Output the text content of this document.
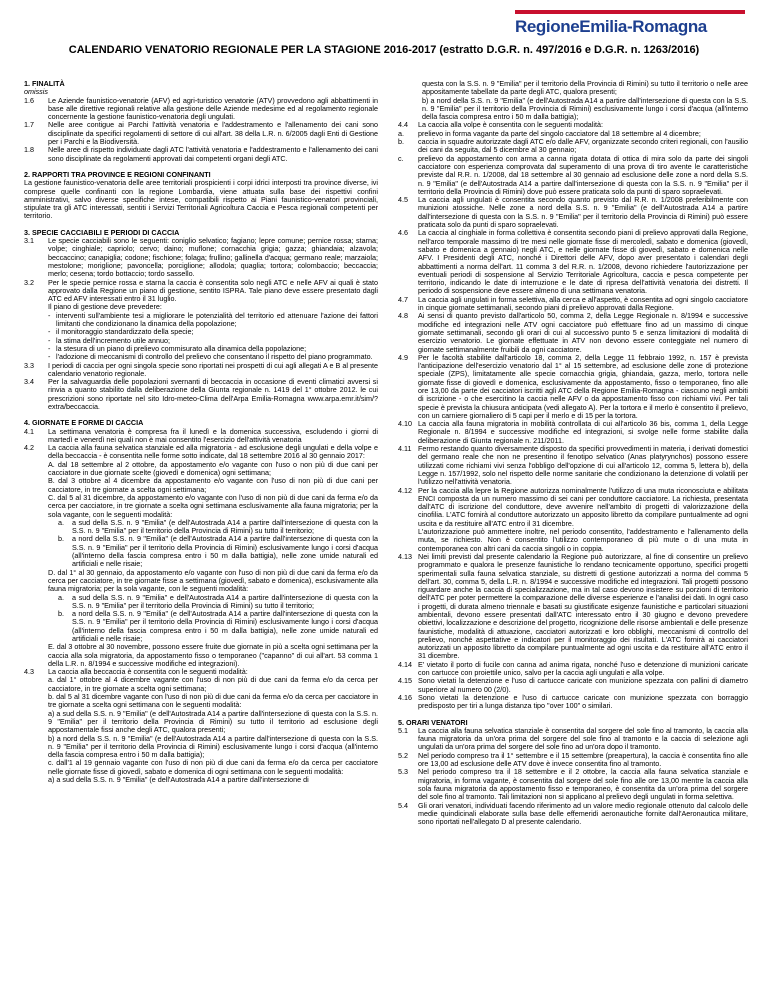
RegioneEmilia-Romagna
CALENDARIO VENATORIO REGIONALE PER LA STAGIONE 2016-2017 (estratto D.G.R. n. 497/2016 e D.G.R. n. 1263/2016)

1. FINALITÀ

omissis

1.6	Le Aziende faunistico-venatorie (AFV) ed agri-turistico venatorie (ATV) provvedono agli abbattimenti in base alle direttive regionali relative alla gestione delle Aziende medesime ed al regolamento regionale concernente la gestione faunistico-venatoria degli ungulati.
1.7	Nelle aree contigue ai Parchi l'attività venatoria e l'addestramento e l'allenamento dei cani sono disciplinate da specifici regolamenti di settore di cui all'art. 38 della L.R. n. 6/2005 dagli Enti di Gestione per i Parchi e la Biodiversità.
1.8	Nelle aree di rispetto individuate dagli ATC l'attività venatoria e l'addestramento e l'allenamento dei cani sono disciplinate da regolamenti approvati dai competenti organi degli ATC.

2. RAPPORTI TRA PROVINCE E REGIONI CONFINANTI

La gestione faunistico-venatoria delle aree territoriali prospicienti i corpi idrici interposti tra province diverse, ivi comprese quelle confinanti con la regione Lombardia, viene attuata sulla base dei rispettivi confini amministrativi, salvo diverse specifiche intese, compatibili rispetto ai Piani faunistico-venatori provinciali, stipulate tra gli ATC interessati, sentiti i Servizi Territoriali Agricoltura Caccia e Pesca regionali competenti per territorio.

3. SPECIE CACCIABILI E PERIODI DI CACCIA

3.1	Le specie cacciabili sono le seguenti: coniglio selvatico; fagiano; lepre comune; pernice rossa; starna; volpe; cinghiale; capriolo; cervo; daino; muflone; cornacchia grigia; gazza; ghiandaia; alzavola; beccaccino; canapiglia; codone; fischione; folaga; frullino; gallinella d'acqua; germano reale; marzaiola; mestolone; moriglione; pavoncella; porciglione; allodola; quaglia; tortora; colombaccio; beccaccia; merlo; cesena; tordo bottaccio; tordo sassello.
3.2	Per le specie pernice rossa e starna la caccia è consentita solo negli ATC e nelle AFV ai quali è stato approvato dalla Regione un piano di gestione, sentito ISPRA. Tale piano deve essere presentato dagli ATC ed AFV interessati entro il 31 luglio.

Il piano di gestione deve prevedere:

- interventi sull'ambiente tesi a migliorare le potenzialità del territorio ed attenuare l'azione dei fattori limitanti che condizionano la dinamica della popolazione;
- il monitoraggio standardizzato della specie;
- la stima dell'incremento utile annuo;
- la stesura di un piano di prelievo commisurato alla dinamica della popolazione;
- l'adozione di meccanismi di controllo del prelievo che consentano il rispetto del piano programmato.
3.3	I periodi di caccia per ogni singola specie sono riportati nei prospetti di cui agli allegati A e B al presente calendario venatorio regionale.
3.4	Per la salvaguardia delle popolazioni svernanti di beccaccia in occasione di eventi climatici avversi si rinvia a quanto stabilito dalla deliberazione della Giunta regionale n. 1419 del 1° ottobre 2012. le cui prescrizioni sono riportate nel sito Idro-meteo-Clima dell'Arpa Emilia-Romagna www.arpa.emr.it/sim/?extra/beccaccia.

4. GIORNATE E FORME DI CACCIA

4.1	La settimana venatoria è compresa fra il lunedì e la domenica successiva, escludendo i giorni di martedì e venerdì nei quali non è mai consentito l'esercizio dell'attività venatoria
4.2	La caccia alla fauna selvatica stanziale ed alla migratoria - ad esclusione degli ungulati e della volpe e della beccaccia - è consentita nelle forme sotto indicate, dal 18 settembre 2016 al 30 gennaio 2017:

A. dal 18 settembre al 2 ottobre, da appostamento e/o vagante con l'uso o non più di due cani per cacciatore in due giornate scelte (giovedì e domenica) ogni settimana;

B. dal 3 ottobre al 4 dicembre da appostamento e/o vagante con l'uso di non più di due cani per cacciatore, in tre giornate a scelta ogni settimana;

C. dal 5 al 31 dicembre, da appostamento e/o vagante con l'uso di non più di due cani da ferma e/o da cerca per cacciatore, in tre giornate a scelta ogni settimana esclusivamente alla fauna migratoria; per la sola vagante, con le seguenti modalità:

a.	a sud della S.S. n. 9 "Emilia" (e dell'Autostrada A14 a partire dall'intersezione di questa con la S.S. n. 9 "Emilia" per il territorio della Provincia di Rimini) su tutto il territorio;
b.	a nord della S.S. n. 9 "Emilia" (e dell'Autostrada A14 a partire dall'intersezione di questa con la S.S. n. 9 "Emilia" per il territorio della Provincia di Rimini) esclusivamente lungo i corsi d'acqua (all'interno della fascia compresa entro i 50 m dalla battigia), nelle zone umide naturali ed artificiali e nelle risaie;

D. dal 1° al 30 gennaio, da appostamento e/o vagante con l'uso di non più di due cani da ferma e/o da cerca per cacciatore, in tre giornate fisse a settimana (giovedì, sabato e domenica), esclusivamente alla fauna migratoria; per la sola vagante, con le seguenti modalità:

a.	a sud della S.S. n. 9 "Emilia" e dell'Autostrada A14 a partire dall'intersezione di questa con la S.S. n. 9 "Emilia" per il territorio della Provincia di Rimini) su tutto il territorio;
b.	a nord della S.S. n. 9 "Emilia" (e dell'Autostrada A14 a partire dall'intersezione di questa con la S.S. n. 9 "Emilia" per il territorio della Provincia di Rimini) esclusivamente lungo i corsi d'acqua (all'interno della fascia compresa entro i 50 m dalla battigia), nelle zone umide naturali ed artificiali e nelle risaie;

E. dal 3 ottobre al 30 novembre, possono essere fruite due giornate in più a scelta ogni settimana per la caccia alla sola migratoria, da appostamento fisso o temporaneo ("capanno" di cui all'art. 53 comma 1 della L.R. n. 8/1994 e successive modifiche ed integrazioni).

4.3	La caccia alla beccaccia è consentita con le seguenti modalità:

a. dal 1° ottobre al 4 dicembre vagante con l'uso di non più di due cani da ferma e/o da cerca per cacciatore, in tre giornate a scelta ogni settimana;

b. dal 5 al 31 dicembre vagante con l'uso di non più di due cani da ferma e/o da cerca per cacciatore in tre giornate a scelta ogni settimana con le seguenti modalità:

a) a sud della S.S. n. 9 "Emilia" (e dell'Autostrada A14 a partire dall'intersezione di questa con la S.S. n. 9 "Emilia" per il territorio della Provincia di Rimini) su tutto il territorio ad esclusione degli appostamentale fissi anche degli ATC, qualora presenti;

b) a nord della S.S. n. 9 "Emilia" (e dell'Autostrada A14 a partire dall'intersezione di questa con la S.S. n. 9 "Emilia" per il territorio della Provincia di Rimini) esclusivamente lungo i corsi d'acqua (all'interno della fascia compresa entro i 50 m dalla battigia);

c. dall'1 al 19 gennaio vagante con l'uso di non più di due cani da ferma e/o da cerca per cacciatore nelle giornate fisse di giovedì, sabato e domenica di ogni settimana con le seguenti modalità:

a) a sud della S.S. n. 9 "Emilia" (e dell'Autostrada A14 a partire dall'intersezione di

questa con la S.S. n. 9 "Emilia" per il territorio della Provincia di Rimini) su tutto il territorio o nelle aree appositamente tabellate da parte degli ATC, qualora presenti;

b) a nord della S.S. n. 9 "Emilia" (e dell'Autostrada A14 a partire dall'intersezione di questa con la S.S. n. 9 "Emilia" per il territorio della Provincia di Rimini) esclusivamente lungo i corsi d'acqua (all'interno della fascia compresa entro i 50 m dalla battigia);

4.4	La caccia alla volpe è consentita con le seguenti modalità:
a.	prelievo in forma vagante da parte del singolo cacciatore dal 18 settembre al 4 dicembre;
b.	caccia in squadre autorizzate dagli ATC e/o dalle AFV, organizzate secondo criteri regionali, con l'ausilio dei cani da seguita, dal 5 dicembre al 30 gennaio;
c.	prelievo da appostamento con arma a canna rigata dotata di ottica di mira solo da parte dei singoli cacciatore con esperienza comprovata dal superamento di una prova di tiro avente le caratteristiche previste dal R.R. n. 1/2008, dal 18 settembre al 30 gennaio ad esclusione delle zone a nord della S.S. n. 9 "Emilia" (e dell'Autostrada A14 a partire dall'intersezione di questa con la S.S. n. 9 "Emilia" per il territorio della Provincia di Rimini) dove può essere praticata solo da punti di sparo sopraelevati.
4.5	La caccia agli ungulati è consentita secondo quanto previsto dal R.R. n. 1/2008 preferibilmente con munizioni atossiche. Nelle zone a nord della S.S. n. 9 "Emilia" (e dell'Autostrada A14 a partire dall'intersezione di questa con la S.S. n. 9 "Emilia" per il territorio della Provincia di Rimini) può essere praticata solo da punti di sparo sopraelevati.
4.6	La caccia al cinghiale in forma collettiva è consentita secondo piani di prelievo approvati dalla Regione, nell'arco temporale massimo di tre mesi nelle giornate fisse di mercoledì, sabato e domenica (giovedì, sabato e domenica a gennaio) negli ATC, e nelle giornate fisse di giovedì, sabato e domenica nelle AFV. I Presidenti degli ATC, nonché i Direttori delle AFV, dopo aver presentato i calendari degli abbattimenti a norma dell'art. 11 comma 3 del R.R. n. 1/2008, devono richiedere l'autorizzazione per eventuali periodi di sospensione al Servizio Territoriale Agricoltura, caccia e pesca competente per territorio, indicando le date di interruzione e le date di ripresa dell'attività venatoria dei distretti. Il periodo di sospensione deve essere almeno di una settimana venatoria.
4.7	La caccia agli ungulati in forma selettiva, alla cerca e all'aspetto, è consentita ad ogni singolo cacciatore in cinque giornate settimanali, secondo piani di prelievo approvati dalla Regione.
4.8	Ai sensi di quanto previsto dall'articolo 50, comma 2, della Legge Regionale n. 8/1994 e successive modifiche ed integrazioni nelle ATV ogni cacciatore può effettuare fino ad un massimo di cinque giornate settimanali, secondo gli orari di cui al successivo punto 5 e senza limitazioni di modalità di esercizio venatorio. Le giornate effettuate in ATV non devono essere conteggiate nel numero di giornate settimanalmente fruibili da ogni cacciatore.
4.9	Per le facoltà stabilite dall'articolo 18, comma 2, della Legge 11 febbraio 1992, n. 157 è prevista l'anticipazione dell'esercizio venatorio dal 1° al 15 settembre, ad esclusione delle zone di protezione speciale (ZPS), limitatamente alle specie cornacchia grigia, ghiandaia, gazza, merlo, tortora nelle giornate fisse di giovedì e domenica, esclusivamente da appostamento, fisso o temporaneo, fino alle ore 13,00 da parte dei cacciatori iscritti agli ATC della Regione Emilia-Romagna - ciascuno negli ambiti di iscrizione - o che esercitino la caccia nelle AFV o da appostamento fisso con richiami vivi. Per tali specie è prevista la chiusura anticipata (vedi allegato A). Per la tortora e il merlo è consentito il prelievo, con un carniere giornaliero di 5 capi per il merlo e di 15 per la tortora.
4.10 La caccia alla fauna migratoria in mobilità controllata di cui all'articolo 36 bis, comma 1, della Legge Regionale n. 8/1994 e successive modifiche ed integrazioni, si svolge nelle forme stabilite dalla deliberazione di Giunta regionale n. 211/2011.
4.11 Fermo restando quanto diversamente disposto da specifici provvedimenti in materia, i derivati domestici del germano reale che non ne presentino il fenotipo selvatico (Anas platyrynchos) possono essere utilizzati come richiami vivi senza l'obbligo dell'opzione di cui all'articolo 12, comma 5, lettera b), della Legge n. 157/1992, solo nel rispetto delle norme sanitarie che condizionano la detenzione di volatili per l'utilizzo nell'attività venatoria.
4.12 Per la caccia alla lepre la Regione autorizza nominalmente l'utilizzo di una muta riconosciuta e abilitata ENCI composta da un numero massimo di sei cani per conduttore cacciatore. La richiesta, presentata dall'ATC di iscrizione del conduttore, deve avvenire nell'ambito di progetti di valorizzazione della cinofilia. L'ATC fornirà al conduttore autorizzato un apposito libretto da compilare puntualmente ad ogni uscita e da restituire all'ATC entro il 31 dicembre.

L'autorizzazione può ammettere inoltre, nel periodo consentito, l'addestramento e l'allenamento della muta, se richiesto. Non è consentito l'utilizzo contemporaneo di più mute o di una muta in contemporanea con altri cani da caccia singoli o in coppia.

4.13 Nei limiti previsti dal presente calendario la Regione può autorizzare, al fine di consentire un prelievo programmato e qualora le presenze faunistiche lo rendano tecnicamente opportuno, specifici progetti sperimentali sulla fauna selvatica stanziale, su distretti di gestione autorizzati a norma del comma 5 dell'art. 30, comma 5, della L.R. n. 8/1994 e successive modifiche ed integrazioni. Tali progetti possono riguardare anche la caccia di specializzazione, ma in tal caso devono insistere su porzioni di territorio dell'ATC per poter permettere la comparazione delle diverse esperienze e l'analisi dei dati. In ogni caso i progetti, di durata almeno triennale e basati su giustificate esigenze faunistiche e particolari situazioni ambientali, devono essere presentati dall'ATC interessato entro il 30 giugno e devono prevedere obiettivi, localizzazione e descrizione del progetto, ricognizione delle risorse ambientali e delle presenze faunistiche, modalità di attuazione, cacciatori autorizzati e loro obblighi, meccanismi di controllo del prelievo, nonché aspettative e indicatori per il monitoraggio dei risultati. L'ATC fornirà ai cacciatori autorizzati un apposito libretto da compilare puntualmente ad ogni uscita e da restituire all'ATC entro il 31 dicembre.
4.14 E' vietato il porto di fucile con canna ad anima rigata, nonché l'uso e detenzione di munizioni caricate con cartucce con proiettile unico, salvo per la caccia agli ungulati e alla volpe.
4.15 Sono vietati la detenzione e l'uso di cartucce caricate con munizione spezzata con pallini di diametro superiore al numero 00 (2/0).
4.16 Sono vietati la detenzione e l'uso di cartucce caricate con munizione spezzata con borraggio predisposto per tiri a lunga distanza tipo "over 100" o similari.

5. ORARI VENATORI

5.1	La caccia alla fauna selvatica stanziale è consentita dal sorgere del sole fino al tramonto, la caccia alla fauna migratoria da un'ora prima del sorgere del sole fino al tramonto e la caccia di selezione agli ungulati da un'ora prima del sorgere del sole fino ad un'ora dopo il tramonto.
5.2	Nel periodo compreso tra il 1° settembre e il 15 settembre (preapertura), la caccia è consentita fino alle ore 13,00 ad esclusione delle ATV dove è invece consentita fino al tramonto.
5.3	Nel periodo compreso tra il 18 settembre e il 2 ottobre, la caccia alla fauna selvatica stanziale e migratoria, in forma vagante, è consentita dal sorgere del sole fino alle ore 13,00 mentre la caccia alla sola fauna migratoria da appostamento fisso e temporaneo, è consentita da un'ora prima del sorgere del sole fino al tramonto. Tali limitazioni non si applicano al prelievo degli ungulati in forma selettiva.
5.4	Gli orari venatori, individuati facendo riferimento ad un valore medio regionale ottenuto dal calcolo delle medie quindicinali elaborate sulla base delle effemeridi aeronautiche fornite dall'Aeronautica militare, sono riportati nell'allegato D al presente calendario.
